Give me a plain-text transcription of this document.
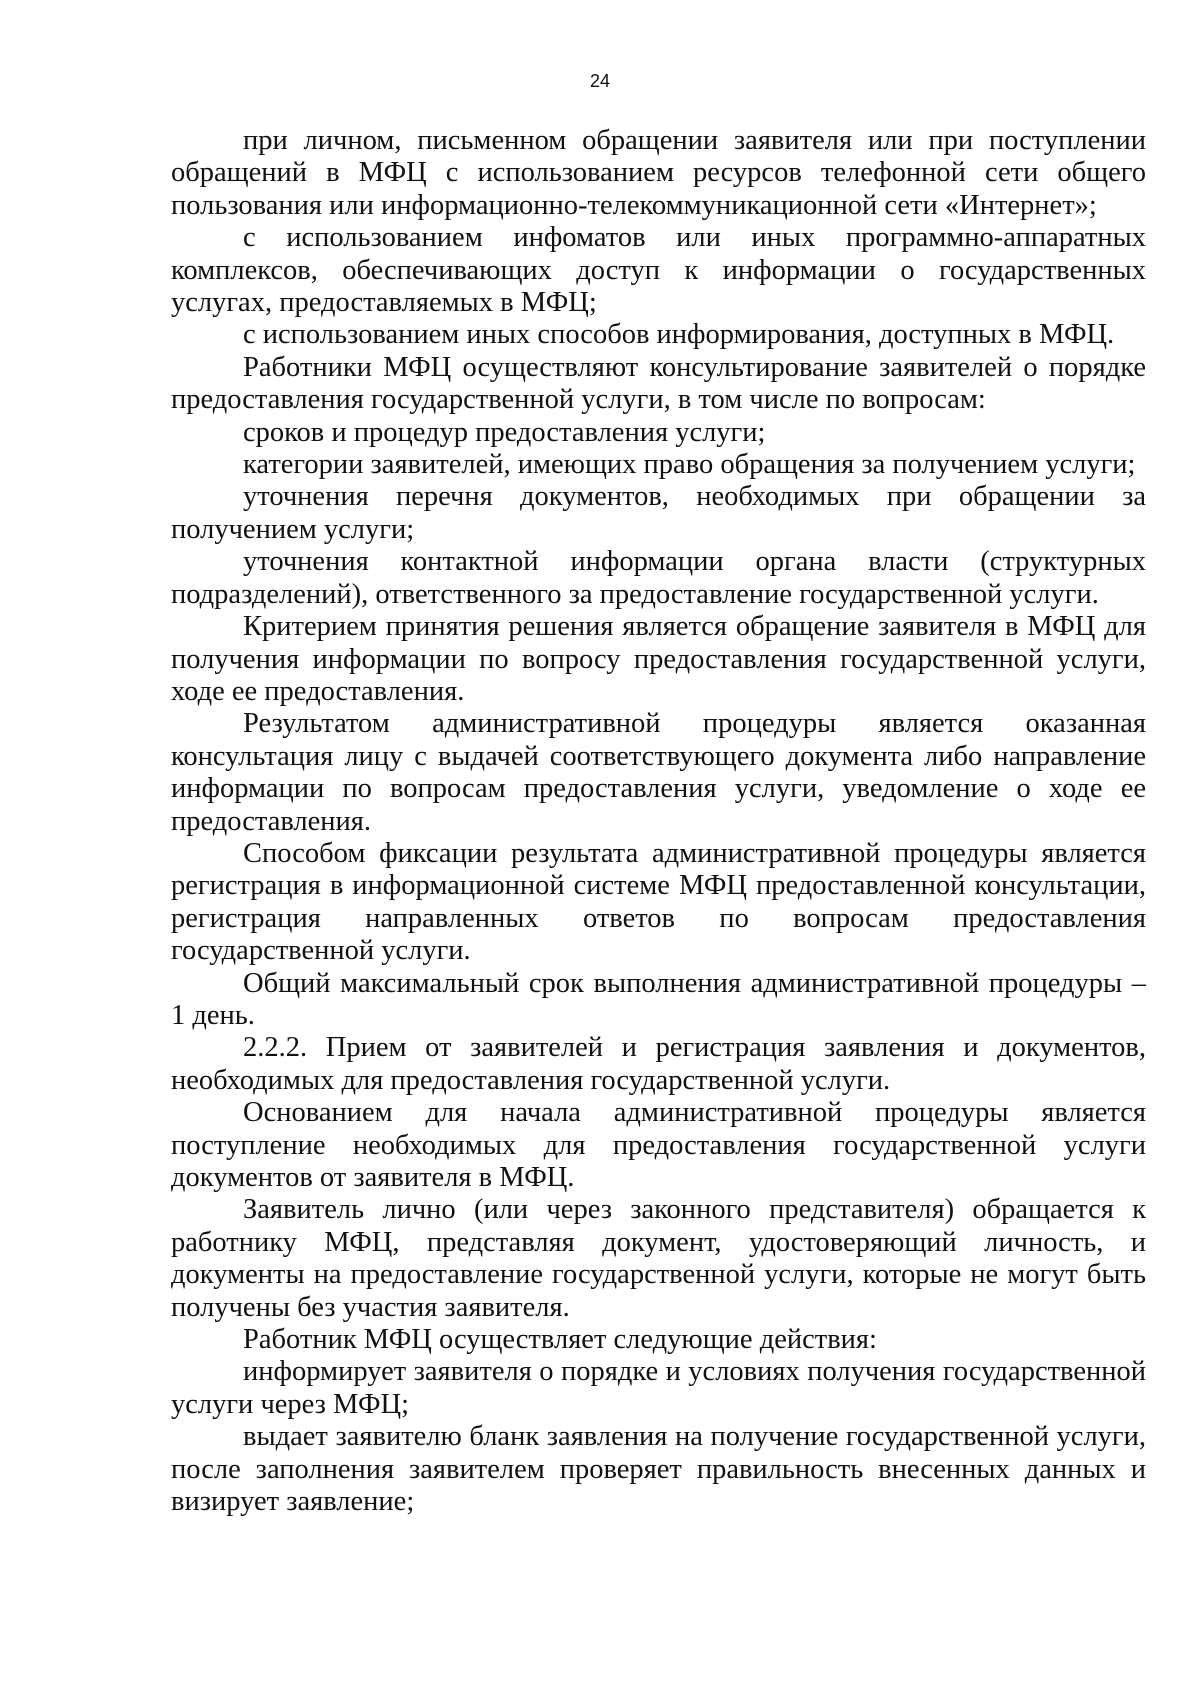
24

при личном, письменном обращении заявителя или при поступлении обращений в МФЦ с использованием ресурсов телефонной сети общего пользования или информационно-телекоммуникационной сети «Интернет»;

с использованием инфоматов или иных программно-аппаратных комплексов, обеспечивающих доступ к информации о государственных услугах, предоставляемых в МФЦ;

с использованием иных способов информирования, доступных в МФЦ.

Работники МФЦ осуществляют консультирование заявителей о порядке предоставления государственной услуги, в том числе по вопросам:

сроков и процедур предоставления услуги;

категории заявителей, имеющих право обращения за получением услуги;

уточнения перечня документов, необходимых при обращении за получением услуги;

уточнения контактной информации органа власти (структурных подразделений), ответственного за предоставление государственной услуги.

Критерием принятия решения является обращение заявителя в МФЦ для получения информации по вопросу предоставления государственной услуги, ходе ее предоставления.

Результатом административной процедуры является оказанная консультация лицу с выдачей соответствующего документа либо направление информации по вопросам предоставления услуги, уведомление о ходе ее предоставления.

Способом фиксации результата административной процедуры является регистрация в информационной системе МФЦ предоставленной консультации, регистрация направленных ответов по вопросам предоставления государственной услуги.

Общий максимальный срок выполнения административной процедуры – 1 день.

2.2.2. Прием от заявителей и регистрация заявления и документов, необходимых для предоставления государственной услуги.

Основанием для начала административной процедуры является поступление необходимых для предоставления государственной услуги документов от заявителя в МФЦ.

Заявитель лично (или через законного представителя) обращается к работнику МФЦ, представляя документ, удостоверяющий личность, и документы на предоставление государственной услуги, которые не могут быть получены без участия заявителя.

Работник МФЦ осуществляет следующие действия:

информирует заявителя о порядке и условиях получения государственной услуги через МФЦ;

выдает заявителю бланк заявления на получение государственной услуги, после заполнения заявителем проверяет правильность внесенных данных и визирует заявление;
